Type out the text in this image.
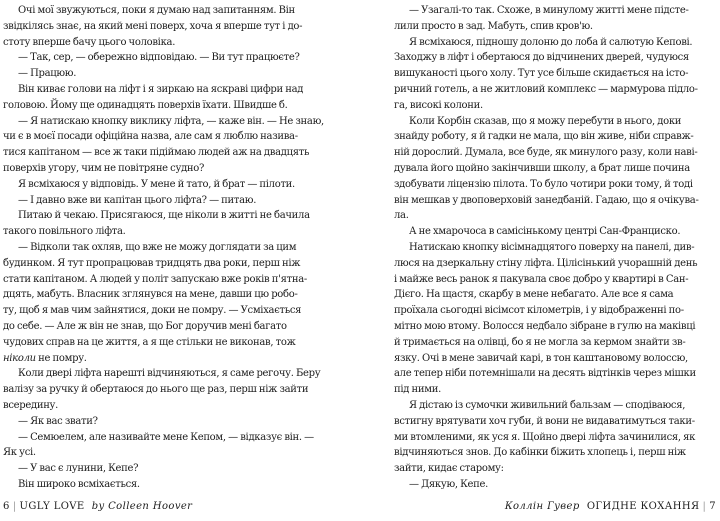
Очі мої звужуються, поки я думаю над запитанням. Він

звідкілясь знає, на який мені поверх, хоча я вперше тут і до-

стоту вперше бачу цього чоловіка.

— Так, сер, — обережно відповідаю. — Ви тут працюєте?

— Працюю.

Він киває голови на ліфт і я зиркаю на яскраві цифри над

головою. Йому ще одинадцять поверхів їхати. Швидше б.

— Я натискаю кнопку виклику ліфта, — каже він. — Не знаю,

чи є в моєї посади офіційна назва, але сам я люблю назива-

тися капітаном — все ж таки підіймаю людей аж на двадцять

поверхів угору, чим не повітряне судно?

Я всміхаюся у відповідь. У мене й тато, й брат — пілоти.

— І давно вже ви капітан цього ліфта? — питаю.

Питаю й чекаю. Присягаюся, ще ніколи в житті не бачила

такого повільного ліфта.

— Відколи так охляв, що вже не можу доглядати за цим

будинком. Я тут пропрацював тридцять два роки, перш ніж

стати капітаном. А людей у політ запускаю вже років п'ятна-

дцять, мабуть. Власник зглянувся на мене, давши цю робо-

ту, щоб я мав чим зайнятися, доки не помру. — Усміхається

до себе. — Але ж він не знав, що Бог доручив мені багато

чудових справ на це життя, а я ще стільки не виконав, тож

ніколи не помру.

Коли двері ліфта нарешті відчиняються, я саме регочу. Беру

валізу за ручку й обертаюся до нього ще раз, перш ніж зайти

всередину.

— Як вас звати?

— Семюелем, але називайте мене Кепом, — відказує він. —

Як усі.

— У вас є лунини, Кепе?

Він широко всміхається.

6 | UGLY LOVE by Colleen Hoover

— Узагалі-то так. Схоже, в минулому житті мене підсте-

лили просто в зад. Мабуть, спив кров'ю.

Я всміхаюся, підношу долоню до лоба й салютую Кепові.

Заходжу в ліфт і обертаюся до відчинених дверей, чудуюся

вишуканості цього холу. Тут усе більше скидається на істо-

ричний готель, а не житловий комплекс — мармурова підло-

га, високі колони.

Коли Корбін сказав, що я можу перебути в нього, доки

знайду роботу, я й гадки не мала, що він живе, ніби справж-

ній дорослий. Думала, все буде, як минулого разу, коли наві-

дувала його щойно закінчивши школу, а брат лише почина

здобувати ліцензію пілота. То було чотири роки тому, й тоді

він мешкав у двоповерховій занедбаній. Гадаю, що я очікува-

ла.

А не хмарочоса в самісінькому центрі Сан-Франциско.

Натискаю кнопку вісімнадцятого поверху на панелі, див-

люся на дзеркальну стіну ліфта. Цілісінький учорашній день

і майже весь ранок я пакувала своє добро у квартирі в Сан-

Дієго. На щастя, скарбу в мене небагато. Але все я сама

проїхала сьогодні вісімсот кілометрів, і у відображенні по-

мітно мою втому. Волосся недбало зібране в гулю на маківці

й тримається на олівці, бо я не могла за кермом знайти зв-

язку. Очі в мене завичай карі, в тон каштановому волоссю,

але тепер ніби потемнішали на десять відтінків через мішки

під ними.

Я дістаю із сумочки живильний бальзам — сподіваюся,

встигну врятувати хоч губи, й вони не видаватимуться таки-

ми втомленими, як уся я. Щойно двері ліфта зачинилися, як

відчиняються знов. До кабінки біжить хлопець і, перш ніж

зайти, кидає старому:

— Дякую, Кепе.

Коллін Гувер ОГИДНЕ КОХАННЯ | 7
